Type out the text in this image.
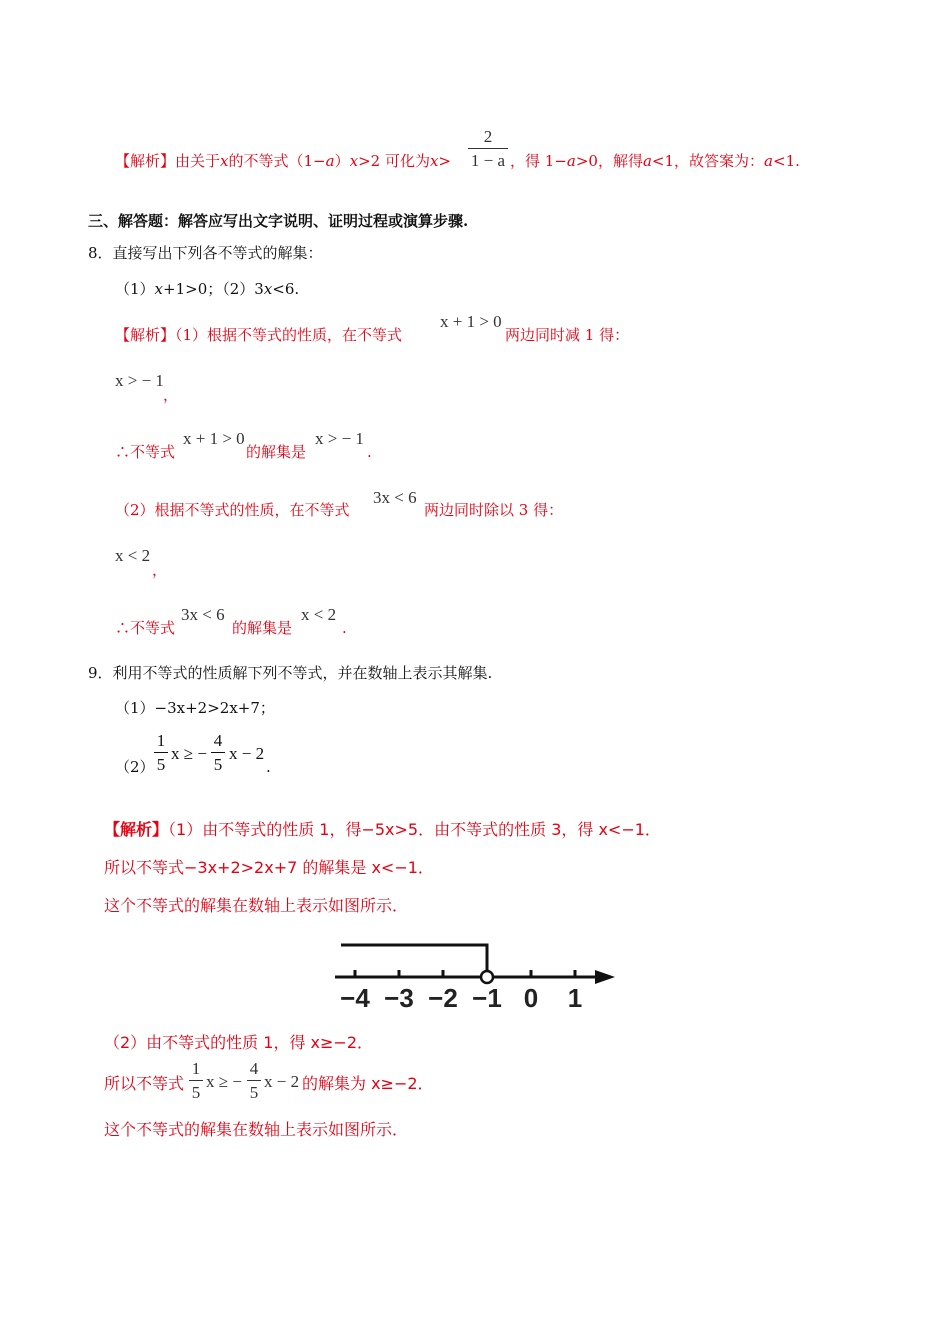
【解析】由关于x的不等式（1−a）x>2 可化为x>
2
1 − a ，得 1−a>0，解得a<1，故答案为：a<1.
三、解答题：解答应写出文字说明、证明过程或演算步骤.
8．直接写出下列各不等式的解集：
（1）x+1>0；（2）3x<6.
【解析】（1）根据不等式的性质，在不等式
x + 1 > 0
两边同时减 1 得：
x > − 1
，
∴不等式
x + 1 > 0
的解集是
x > − 1
.
（2）根据不等式的性质，在不等式
3x < 6
两边同时除以 3 得：
x < 2
，
∴不等式
3x < 6
的解集是
x < 2
.
9．利用不等式的性质解下列不等式，并在数轴上表示其解集.
（1）−3x+2>2x+7；
（2）
1
5
x ≥ −
4
5
x − 2
.
【解析】（1）由不等式的性质 1，得−5x>5．由不等式的性质 3，得 x<−1．
所以不等式−3x+2>2x+7 的解集是 x<−1．
这个不等式的解集在数轴上表示如图所示．
−4 −3 −2 −1 0 1
（2）由不等式的性质 1，得 x≥−2．
所以不等式
1
5
x ≥ −
4
5
x − 2 的解集为 x≥−2．
这个不等式的解集在数轴上表示如图所示．
